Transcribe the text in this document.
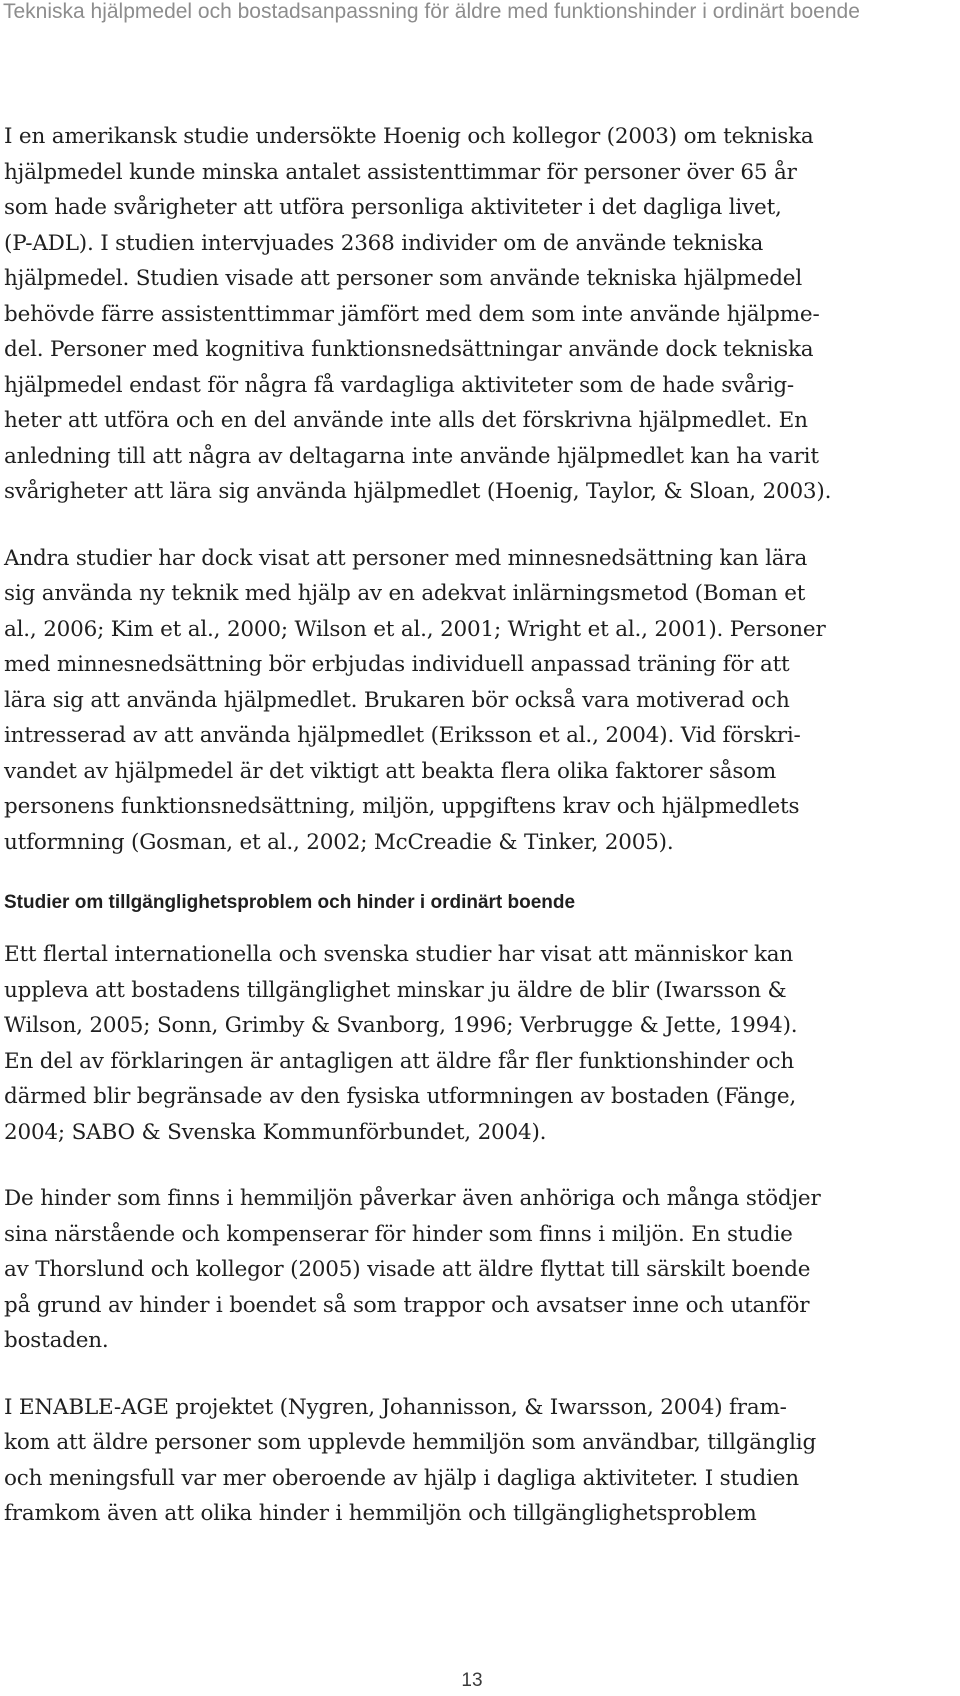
Tekniska hjälpmedel och bostadsanpassning för äldre med funktionshinder i ordinärt boende
I en amerikansk studie undersökte Hoenig och kollegor (2003) om tekniska
hjälpmedel kunde minska antalet assistenttimmar för personer över 65 år
som hade svårigheter att utföra personliga aktiviteter i det dagliga livet,
(P-ADL). I studien intervjuades 2368 individer om de använde tekniska
hjälpmedel. Studien visade att personer som använde tekniska hjälpmedel
behövde färre assistenttimmar jämfört med dem som inte använde hjälpme-
del. Personer med kognitiva funktionsnedsättningar använde dock tekniska
hjälpmedel endast för några få vardagliga aktiviteter som de hade svårig-
heter att utföra och en del använde inte alls det förskrivna hjälpmedlet. En
anledning till att några av deltagarna inte använde hjälpmedlet kan ha varit
svårigheter att lära sig använda hjälpmedlet (Hoenig, Taylor, & Sloan, 2003).
Andra studier har dock visat att personer med minnesnedsättning kan lära
sig använda ny teknik med hjälp av en adekvat inlärningsmetod (Boman et
al., 2006; Kim et al., 2000; Wilson et al., 2001; Wright et al., 2001). Personer
med minnesnedsättning bör erbjudas individuell anpassad träning för att
lära sig att använda hjälpmedlet. Brukaren bör också vara motiverad och
intresserad av att använda hjälpmedlet (Eriksson et al., 2004). Vid förskri-
vandet av hjälpmedel är det viktigt att beakta flera olika faktorer såsom
personens funktionsnedsättning, miljön, uppgiftens krav och hjälpmedlets
utformning (Gosman, et al., 2002; McCreadie & Tinker, 2005).
Studier om tillgänglighetsproblem och hinder i ordinärt boende
Ett flertal internationella och svenska studier har visat att människor kan
uppleva att bostadens tillgänglighet minskar ju äldre de blir (Iwarsson &
Wilson, 2005; Sonn, Grimby & Svanborg, 1996; Verbrugge & Jette, 1994).
En del av förklaringen är antagligen att äldre får fler funktionshinder och
därmed blir begränsade av den fysiska utformningen av bostaden (Fänge,
2004; SABO & Svenska Kommunförbundet, 2004).
De hinder som finns i hemmiljön påverkar även anhöriga och många stödjer
sina närstående och kompenserar för hinder som finns i miljön. En studie
av Thorslund och kollegor (2005) visade att äldre flyttat till särskilt boende
på grund av hinder i boendet så som trappor och avsatser inne och utanför
bostaden.
I ENABLE-AGE projektet (Nygren, Johannisson, & Iwarsson, 2004) fram-
kom att äldre personer som upplevde hemmiljön som användbar, tillgänglig
och meningsfull var mer oberoende av hjälp i dagliga aktiviteter. I studien
framkom även att olika hinder i hemmiljön och tillgänglighetsproblem
13
